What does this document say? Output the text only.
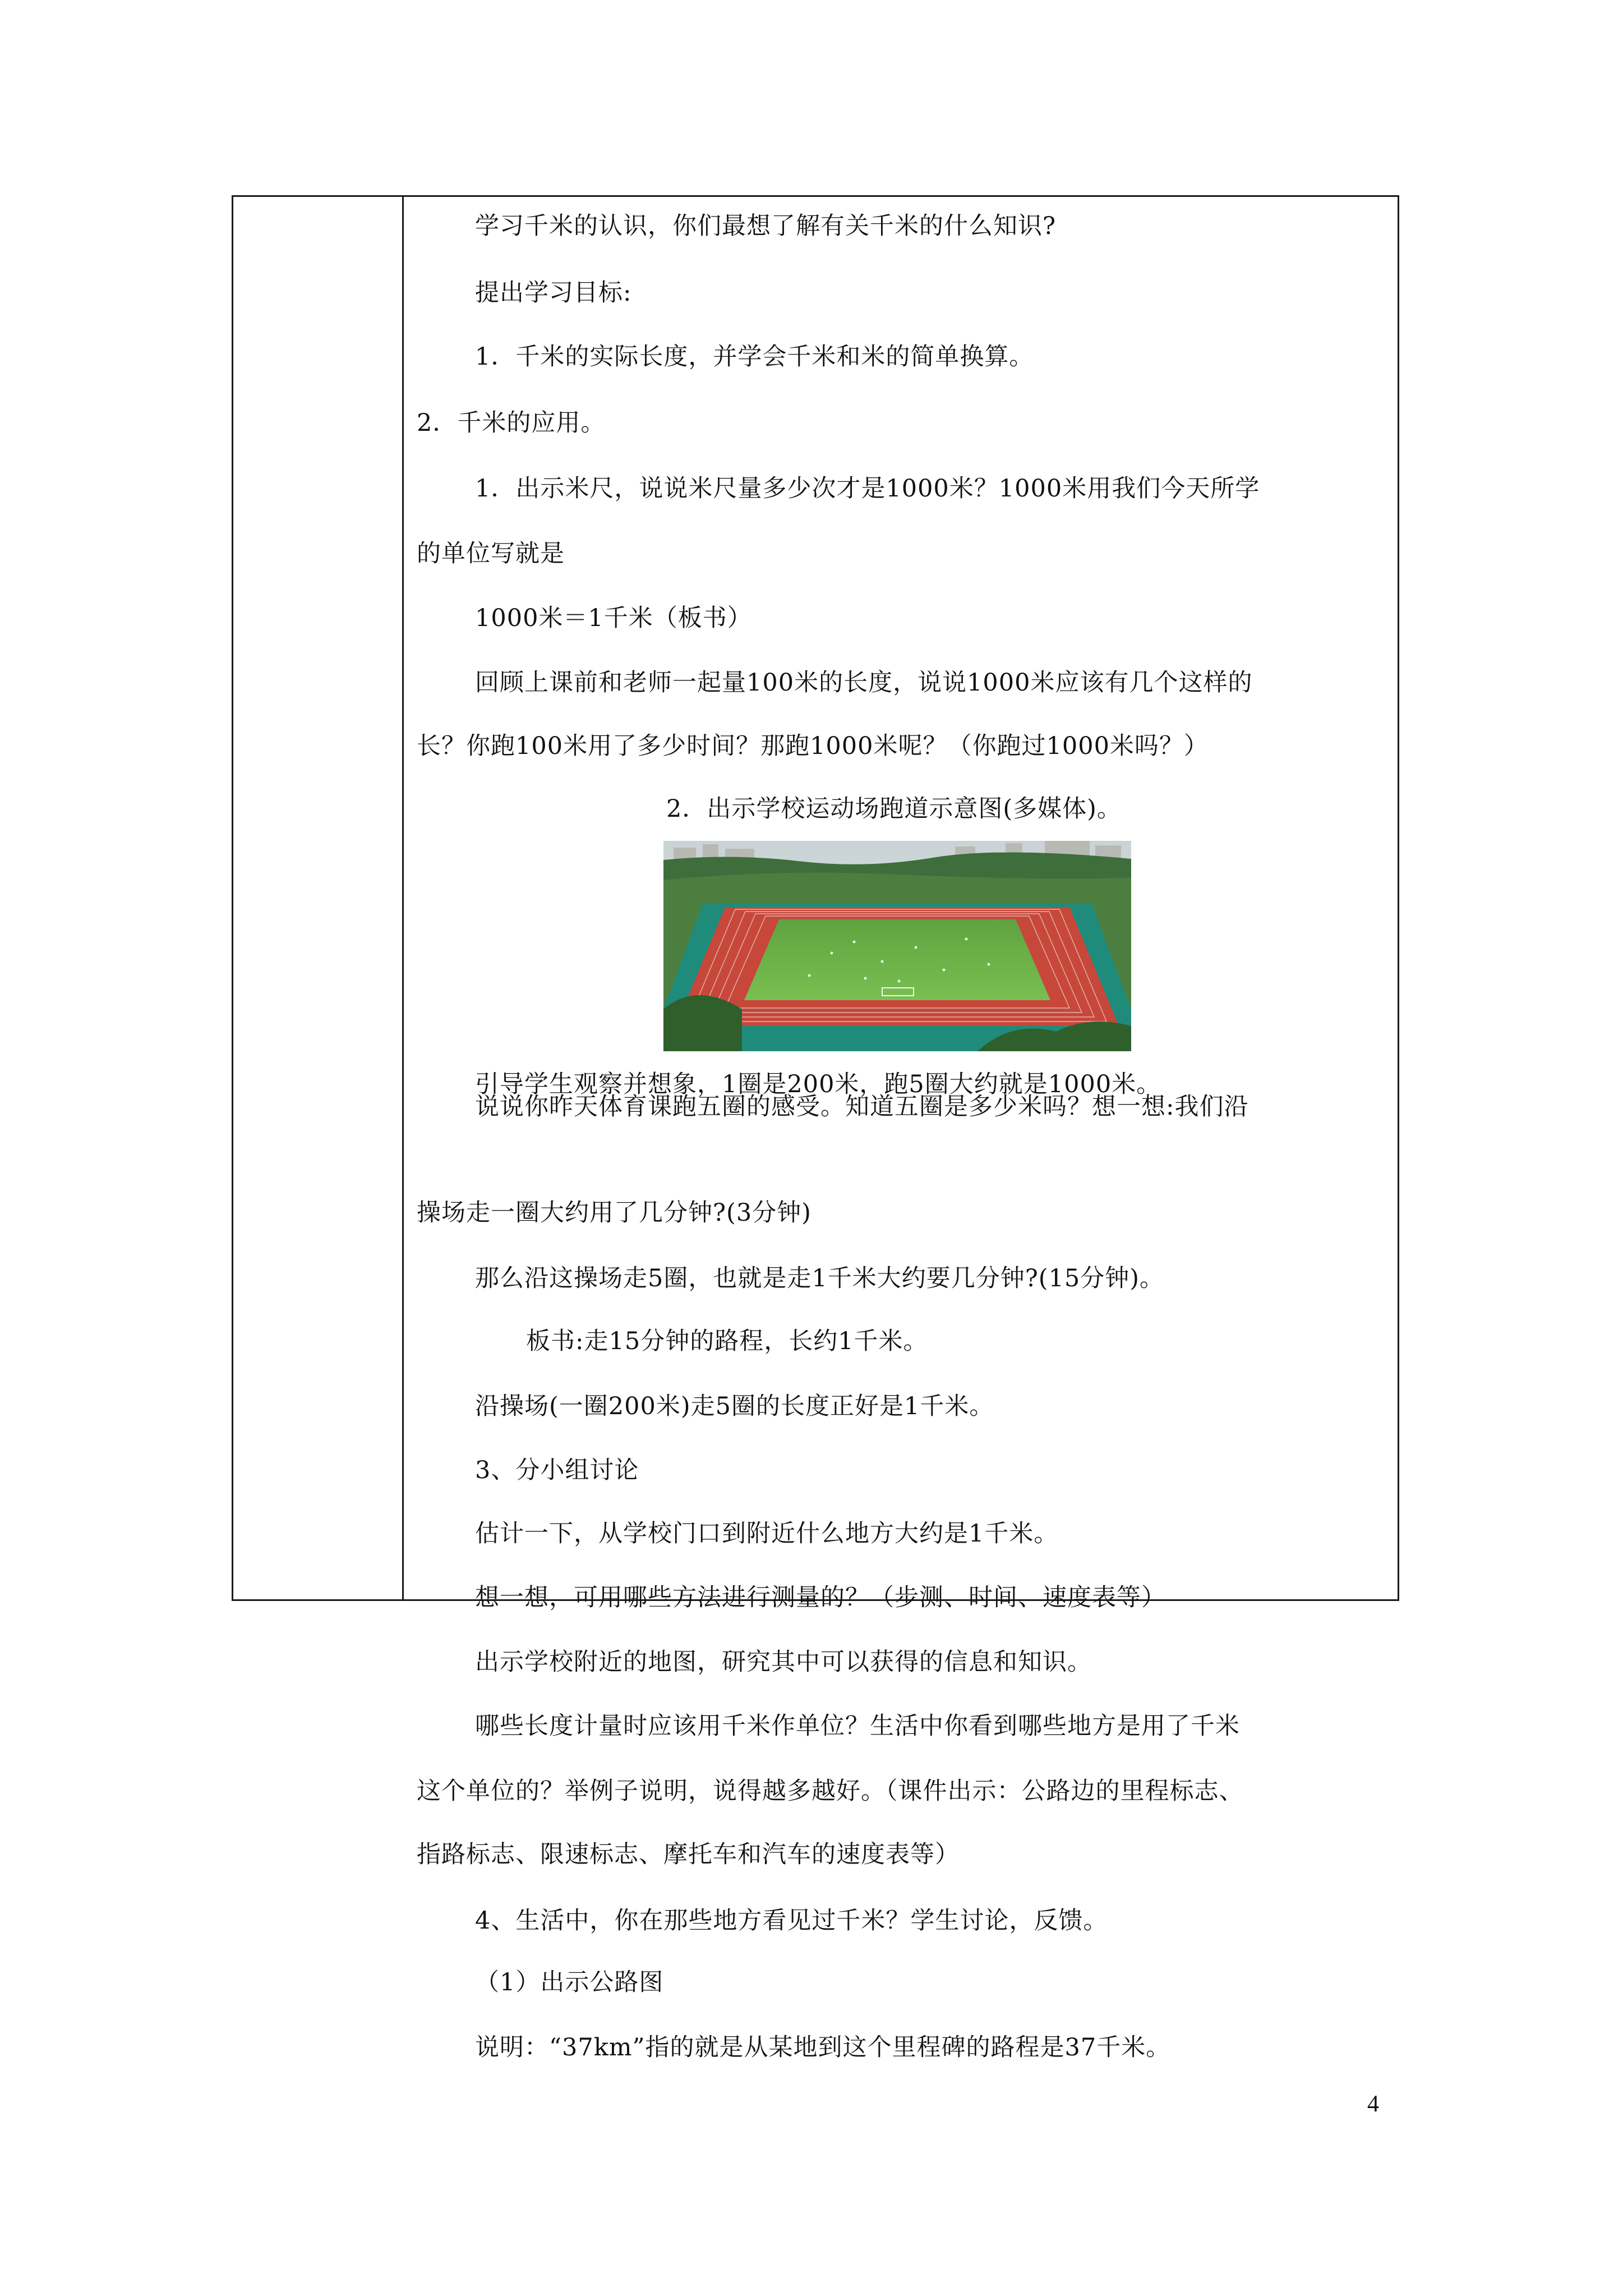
学习千米的认识，你们最想了解有关千米的什么知识?
提出学习目标:
1．千米的实际长度，并学会千米和米的简单换算。
2．千米的应用。
1．出示米尺，说说米尺量多少次才是1000米？1000米用我们今天所学
的单位写就是
1000米＝1千米（板书）
回顾上课前和老师一起量100米的长度，说说1000米应该有几个这样的
长？你跑100米用了多少时间？那跑1000米呢？（你跑过1000米吗？）
2．出示学校运动场跑道示意图(多媒体)。
引导学生观察并想象，1圈是200米，跑5圈大约就是1000米。
说说你昨天体育课跑五圈的感受。知道五圈是多少米吗？想一想:我们沿
操场走一圈大约用了几分钟?(3分钟)
那么沿这操场走5圈，也就是走1千米大约要几分钟?(15分钟)。
板书:走15分钟的路程，长约1千米。
沿操场(一圈200米)走5圈的长度正好是1千米。
3、分小组讨论
估计一下，从学校门口到附近什么地方大约是1千米。
想一想，可用哪些方法进行测量的？（步测、时间、速度表等）
出示学校附近的地图，研究其中可以获得的信息和知识。
哪些长度计量时应该用千米作单位？生活中你看到哪些地方是用了千米
这个单位的？举例子说明，说得越多越好。（课件出示：公路边的里程标志、
指路标志、限速标志、摩托车和汽车的速度表等）
4、生活中，你在那些地方看见过千米？学生讨论，反馈。
（1）出示公路图
说明：“37km”指的就是从某地到这个里程碑的路程是37千米。
4
